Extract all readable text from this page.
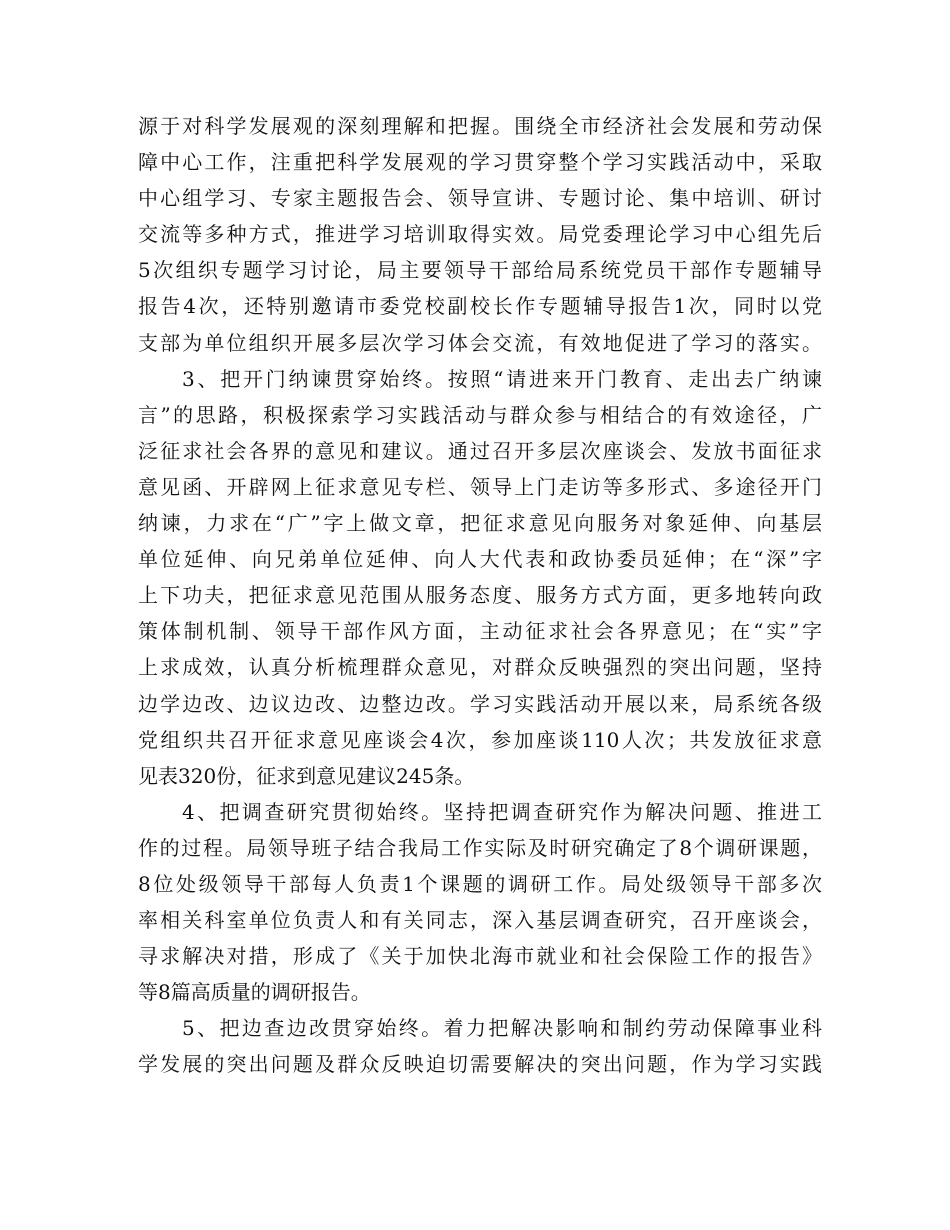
源于对科学发展观的深刻理解和把握。围绕全市经济社会发展和劳动保
障中心工作，注重把科学发展观的学习贯穿整个学习实践活动中，采取
中心组学习、专家主题报告会、领导宣讲、专题讨论、集中培训、研讨
交流等多种方式，推进学习培训取得实效。局党委理论学习中心组先后
5次组织专题学习讨论，局主要领导干部给局系统党员干部作专题辅导
报告4次，还特别邀请市委党校副校长作专题辅导报告1次，同时以党
支部为单位组织开展多层次学习体会交流，有效地促进了学习的落实。
3、把开门纳谏贯穿始终。按照“请进来开门教育、走出去广纳谏
言”的思路，积极探索学习实践活动与群众参与相结合的有效途径，广
泛征求社会各界的意见和建议。通过召开多层次座谈会、发放书面征求
意见函、开辟网上征求意见专栏、领导上门走访等多形式、多途径开门
纳谏，力求在“广”字上做文章，把征求意见向服务对象延伸、向基层
单位延伸、向兄弟单位延伸、向人大代表和政协委员延伸；在“深”字
上下功夫，把征求意见范围从服务态度、服务方式方面，更多地转向政
策体制机制、领导干部作风方面，主动征求社会各界意见；在“实”字
上求成效，认真分析梳理群众意见，对群众反映强烈的突出问题，坚持
边学边改、边议边改、边整边改。学习实践活动开展以来，局系统各级
党组织共召开征求意见座谈会4次，参加座谈110人次；共发放征求意
见表320份，征求到意见建议245条。
4、把调查研究贯彻始终。坚持把调查研究作为解决问题、推进工
作的过程。局领导班子结合我局工作实际及时研究确定了8个调研课题，
8位处级领导干部每人负责1个课题的调研工作。局处级领导干部多次
率相关科室单位负责人和有关同志，深入基层调查研究，召开座谈会，
寻求解决对措，形成了《关于加快北海市就业和社会保险工作的报告》
等8篇高质量的调研报告。
5、把边查边改贯穿始终。着力把解决影响和制约劳动保障事业科
学发展的突出问题及群众反映迫切需要解决的突出问题，作为学习实践
